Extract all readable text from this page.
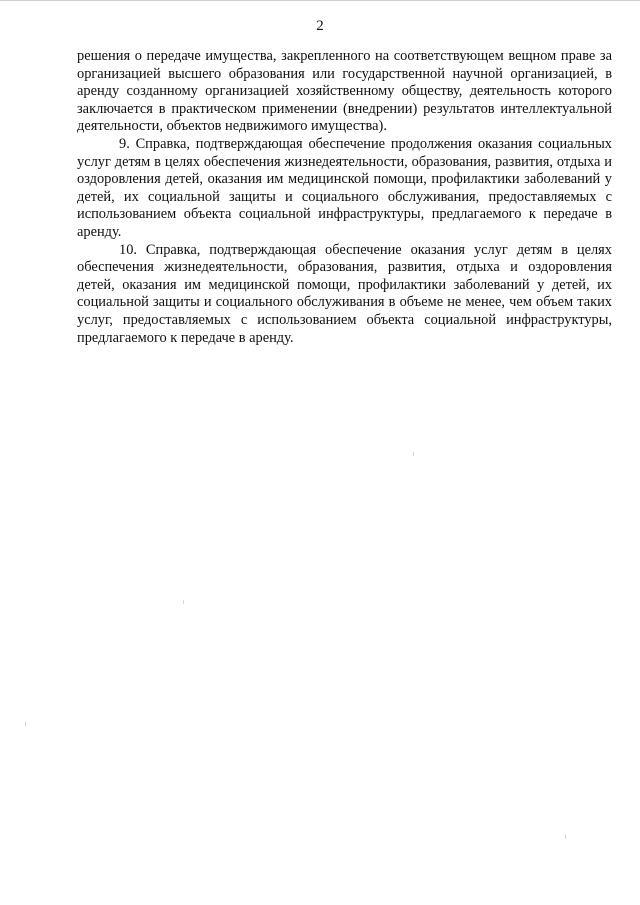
2

решения о передаче имущества, закрепленного на соответствующем вещном праве за организацией высшего образования или государственной научной организацией, в аренду созданному организацией хозяйственному обществу, деятельность которого заключается в практическом применении (внедрении) результатов интеллектуальной деятельности, объектов недвижимого имущества).

9. Справка, подтверждающая обеспечение продолжения оказания социальных услуг детям в целях обеспечения жизнедеятельности, образования, развития, отдыха и оздоровления детей, оказания им медицинской помощи, профилактики заболеваний у детей, их социальной защиты и социального обслуживания, предоставляемых с использованием объекта социальной инфраструктуры, предлагаемого к передаче в аренду.

10. Справка, подтверждающая обеспечение оказания услуг детям в целях обеспечения жизнедеятельности, образования, развития, отдыха и оздоровления детей, оказания им медицинской помощи, профилактики заболеваний у детей, их социальной защиты и социального обслуживания в объеме не менее, чем объем таких услуг, предоставляемых с использованием объекта социальной инфраструктуры, предлагаемого к передаче в аренду.
